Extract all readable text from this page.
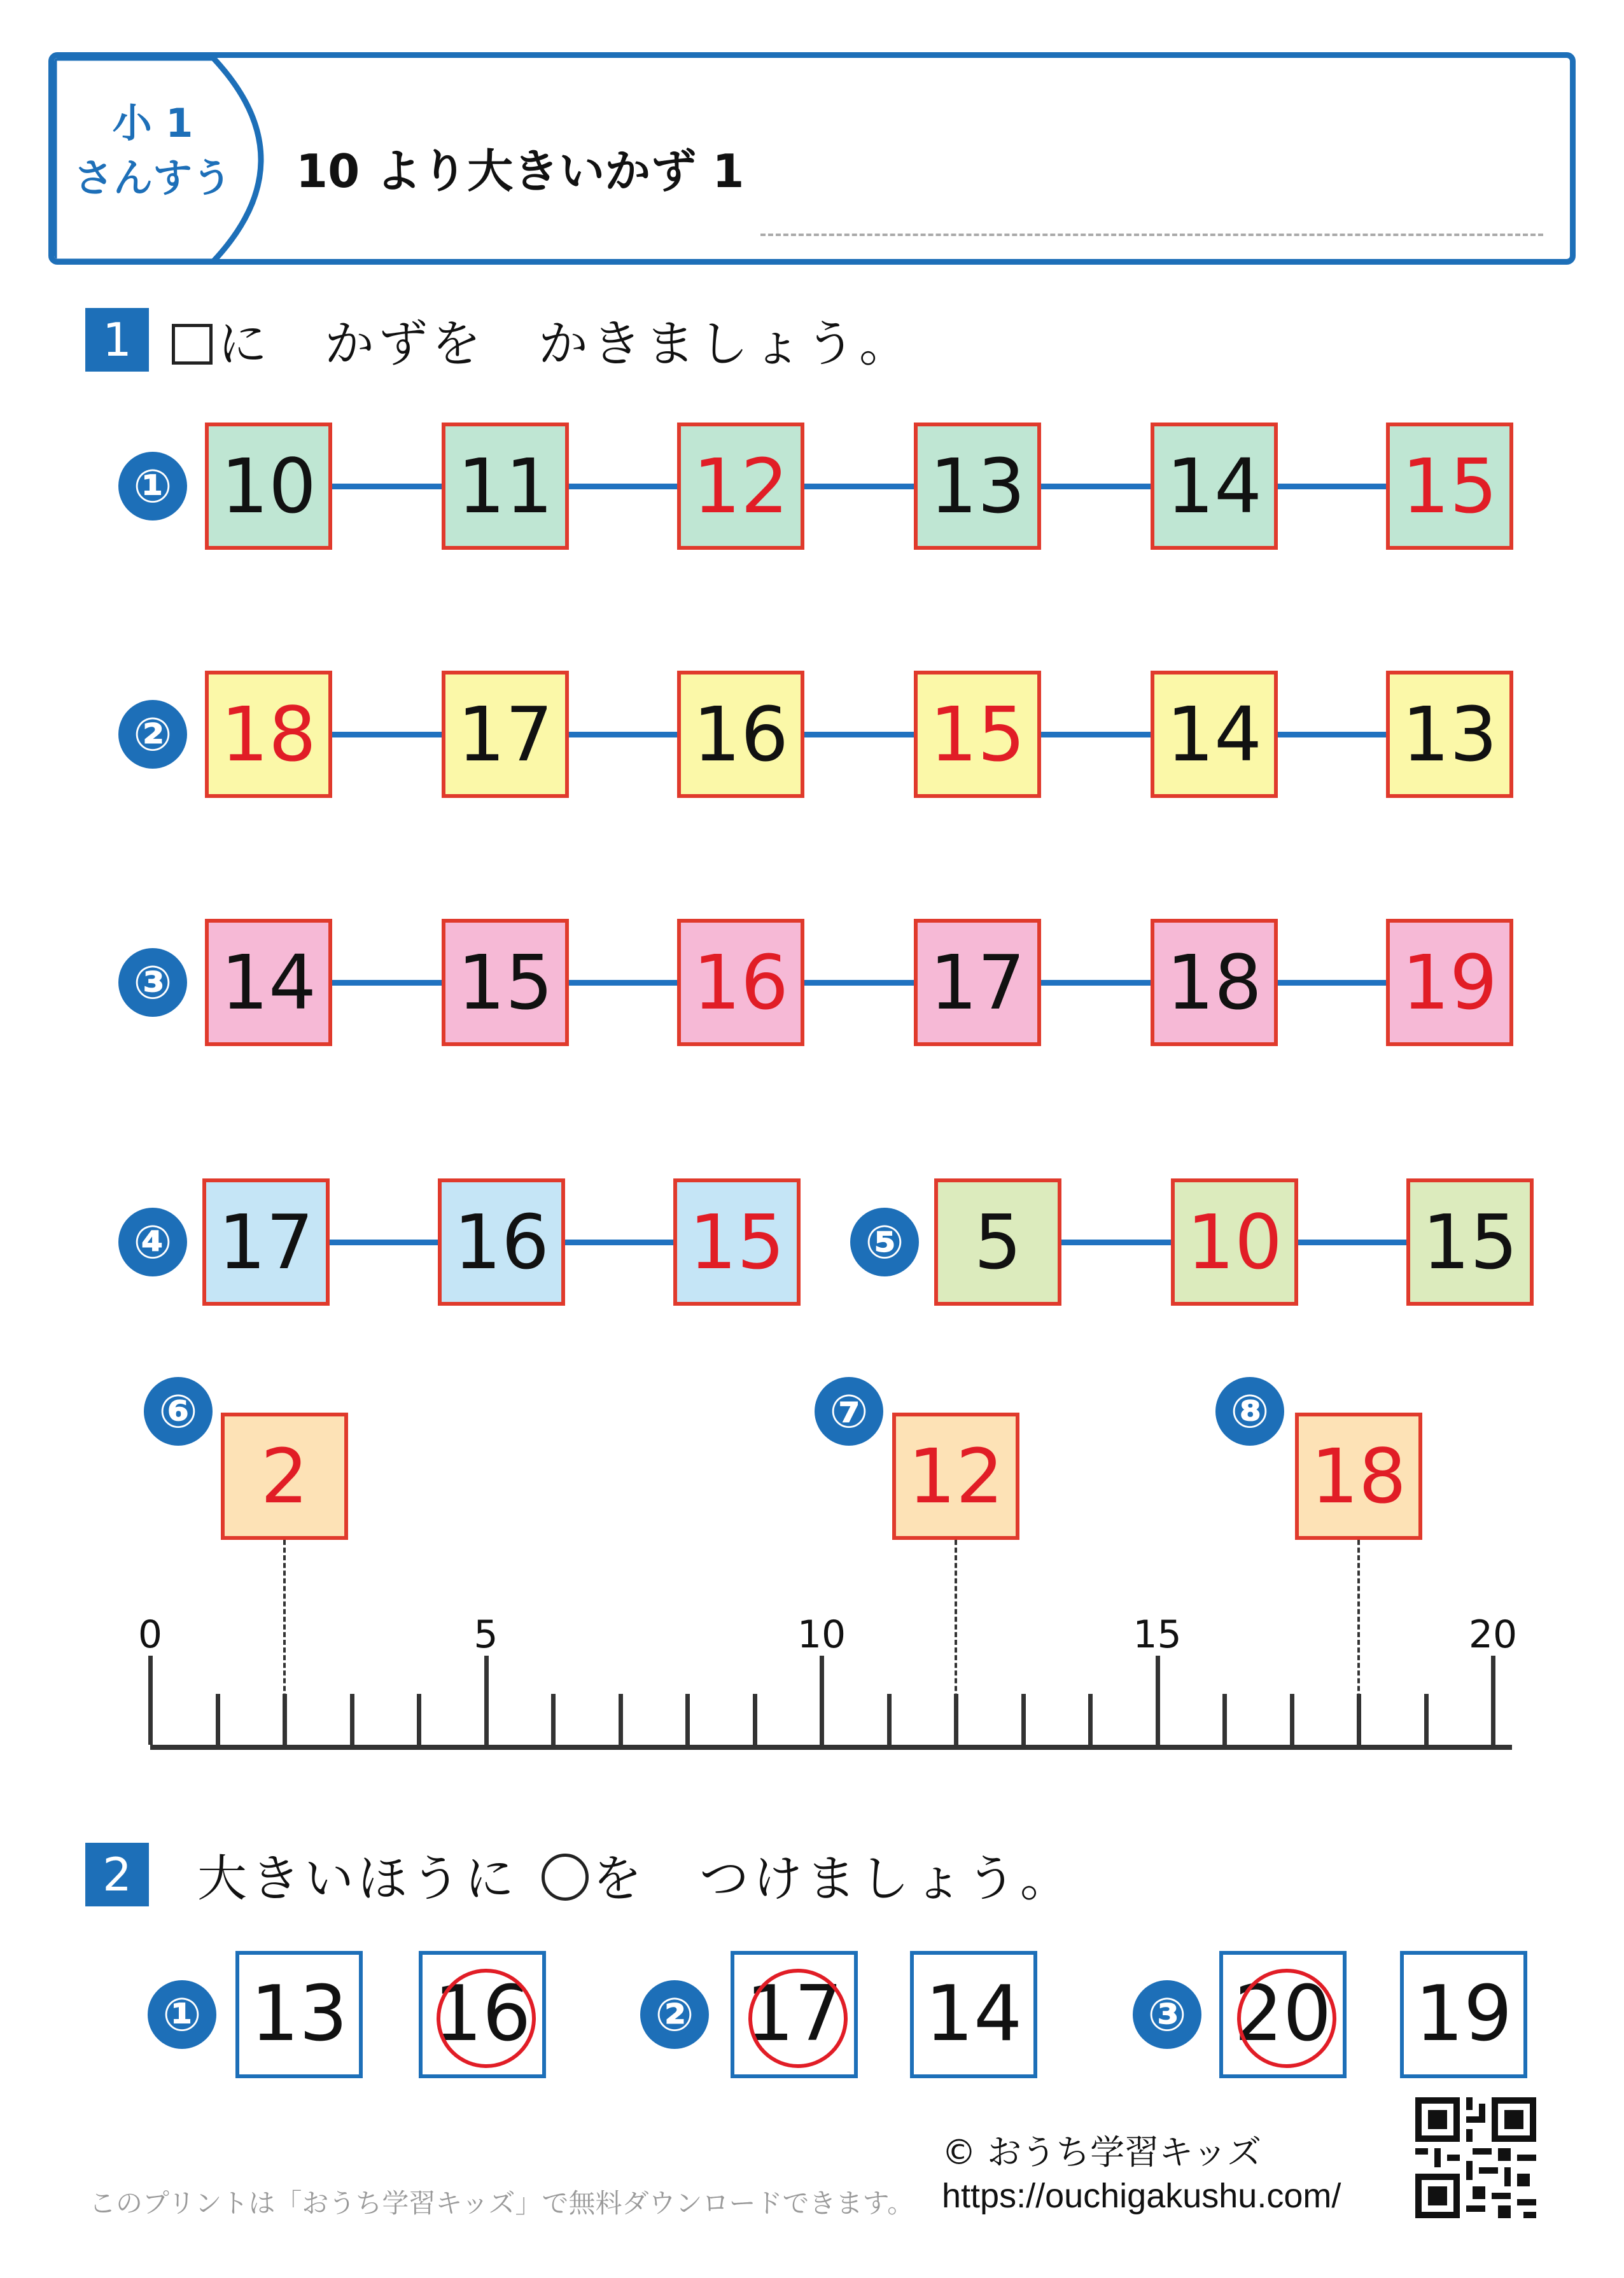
小 1
さんすう	10 より大きいかず 1
1	に　かずを　かきましょう。
① 10 11 12 13 14 15
② 18 17 16 15 14 13
③ 14 15 16 17 18 19
④ 17 16 15	⑤ 5	10 15
0	5	10	15	20
2
⑥
12
⑦
18
⑧
2	大きいほうに を　つけましょう。
① 13 16	② 17 14	③ 20 19
© おうち学習キッズ
https://ouchigakushu.com/
このプリントは「おうち学習キッズ」で無料ダウンロードできます。
